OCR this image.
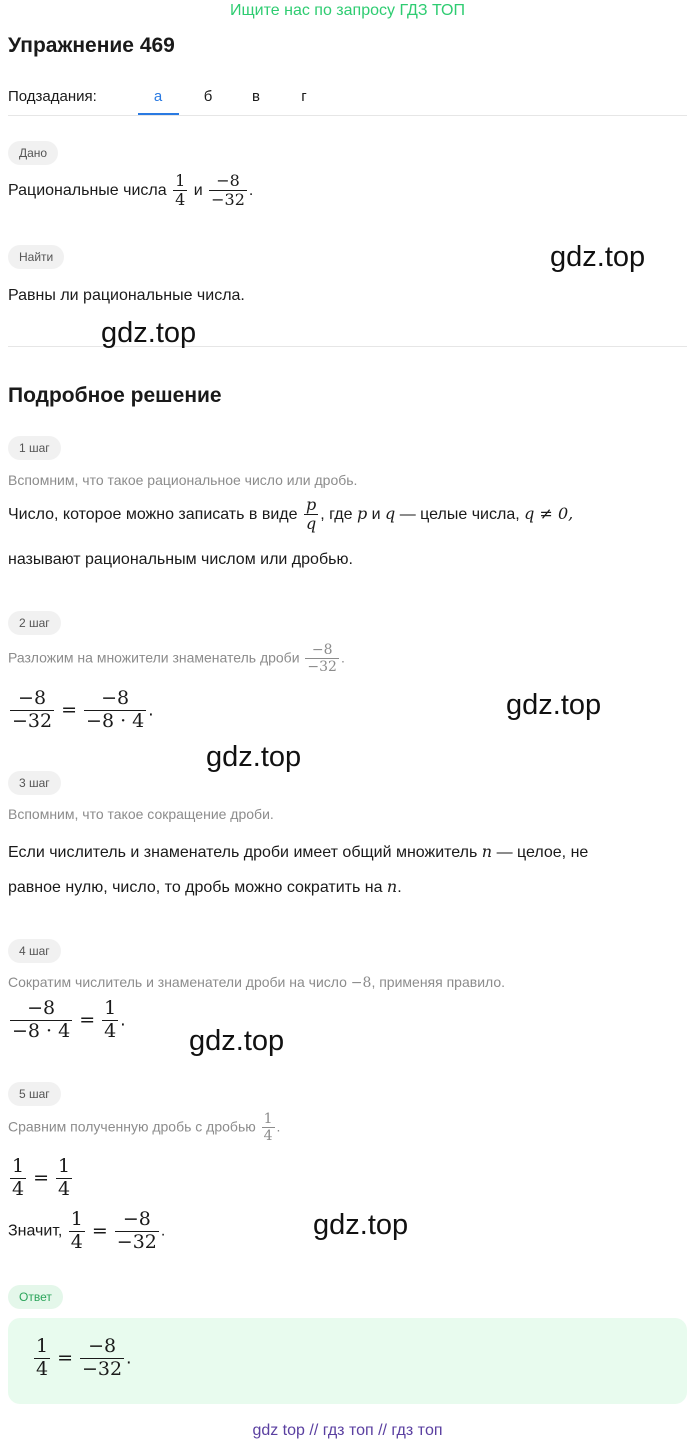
Ищите нас по запросу ГДЗ ТОП
Упражнение 469
Подзадания:	а	б	в	г
Дано
Рациональные числа $\frac{1}{4}$ и $\frac{-8}{-32}$ .
Найти
Равны ли рациональные числа.
Подробное решение
1 шаг
Вспомним, что такое рациональное число или дробь.
Число, которое можно записать в виде $\frac{p}{q}$ , где p и q — целые числа, q ≠ 0,
называют рациональным числом или дробью.
2 шаг
Разложим на множители знаменатель дроби $\frac{-8}{-32}$ .
$\frac{-8}{-32} = \frac{-8}{-8 \cdot 4}$ .
3 шаг
Вспомним, что такое сокращение дроби.
Если числитель и знаменатель дроби имеет общий множитель n — целое, не
равное нулю, число, то дробь можно сократить на n.
4 шаг
Сократим числитель и знаменатели дроби на число −8, применяя правило.
$\frac{-8}{-8 \cdot 4} = \frac{1}{4}$ .
5 шаг
Сравним полученную дробь с дробью $\frac{1}{4}$ .
$\frac{1}{4} = \frac{1}{4}$
Значит, $\frac{1}{4} = \frac{-8}{-32}$ .
Ответ
$\frac{1}{4} = \frac{-8}{-32}$ .
gdz.top
gdz.top
gdz.top
gdz.top
gdz.top
gdz.top
gdz top // гдз топ // гдз тoп
